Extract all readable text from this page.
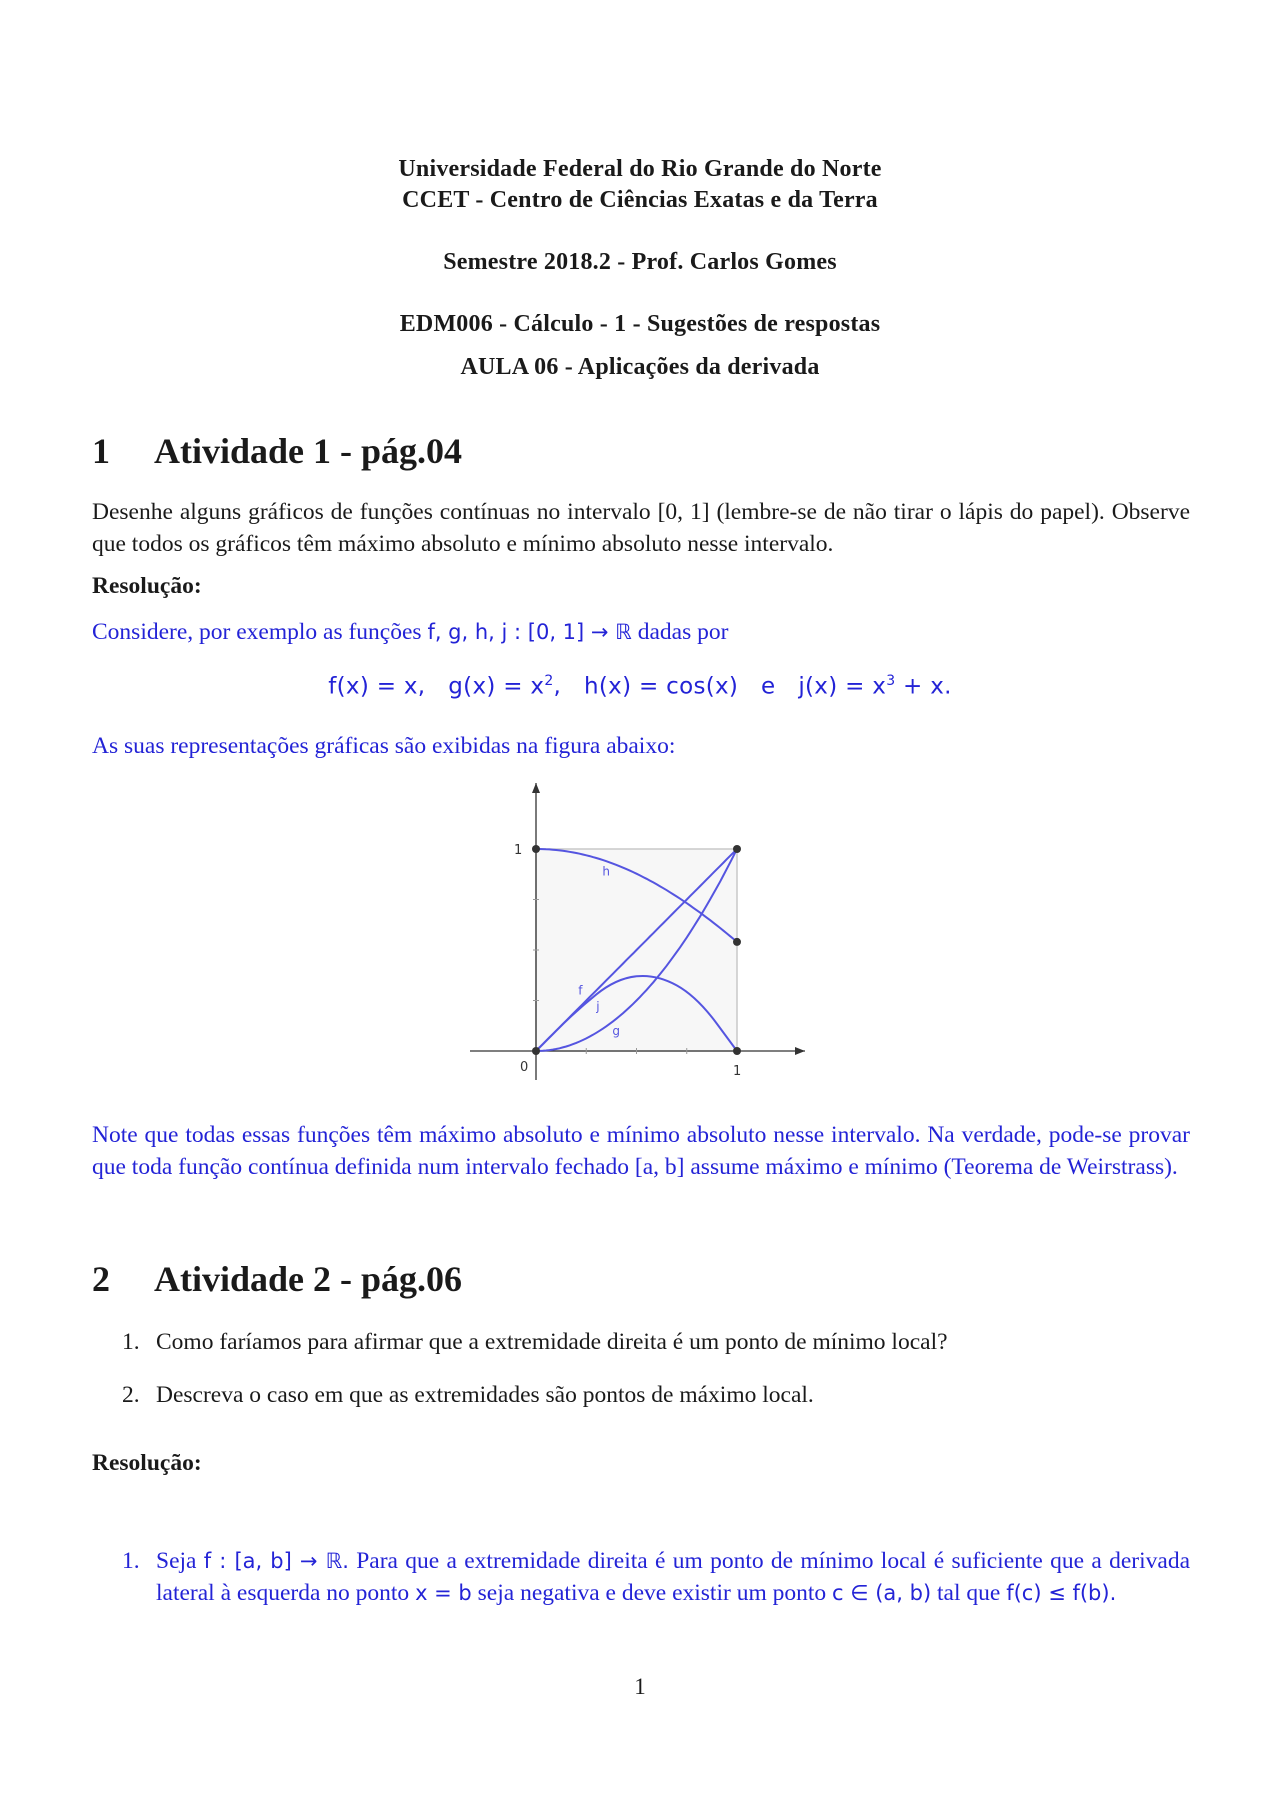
Universidade Federal do Rio Grande do Norte
CCET - Centro de Ciências Exatas e da Terra
Semestre 2018.2 - Prof. Carlos Gomes
EDM006 - Cálculo - 1 - Sugestões de respostas
AULA 06 - Aplicações da derivada
1 Atividade 1 - pág.04
Desenhe alguns gráficos de funções contínuas no intervalo [0, 1] (lembre-se de não tirar o lápis do papel). Observe que todos os gráficos têm máximo absoluto e mínimo absoluto nesse intervalo.
Resolução:
Considere, por exemplo as funções f, g, h, j : [0, 1] → ℝ dadas por
f(x) = x, $g(x) = x^2$, h(x) = cos(x) e $j(x) = x^3 + x$.
As suas representações gráficas são exibidas na figura abaixo:
0	1
1
f
g
h
j
Note que todas essas funções têm máximo absoluto e mínimo absoluto nesse intervalo. Na verdade, pode-se provar que toda função contínua definida num intervalo fechado [a, b] assume máximo e mínimo (Teorema de Weirstrass).
2 Atividade 2 - pág.06
1. Como faríamos para afirmar que a extremidade direita é um ponto de mínimo local?
2. Descreva o caso em que as extremidades são pontos de máximo local.
Resolução:
1. Seja f : [a, b] → ℝ. Para que a extremidade direita é um ponto de mínimo local é suficiente que a derivada lateral à esquerda no ponto x = b seja negativa e deve existir um ponto c ∈ (a, b) tal que f(c) ≤ f(b).
1
